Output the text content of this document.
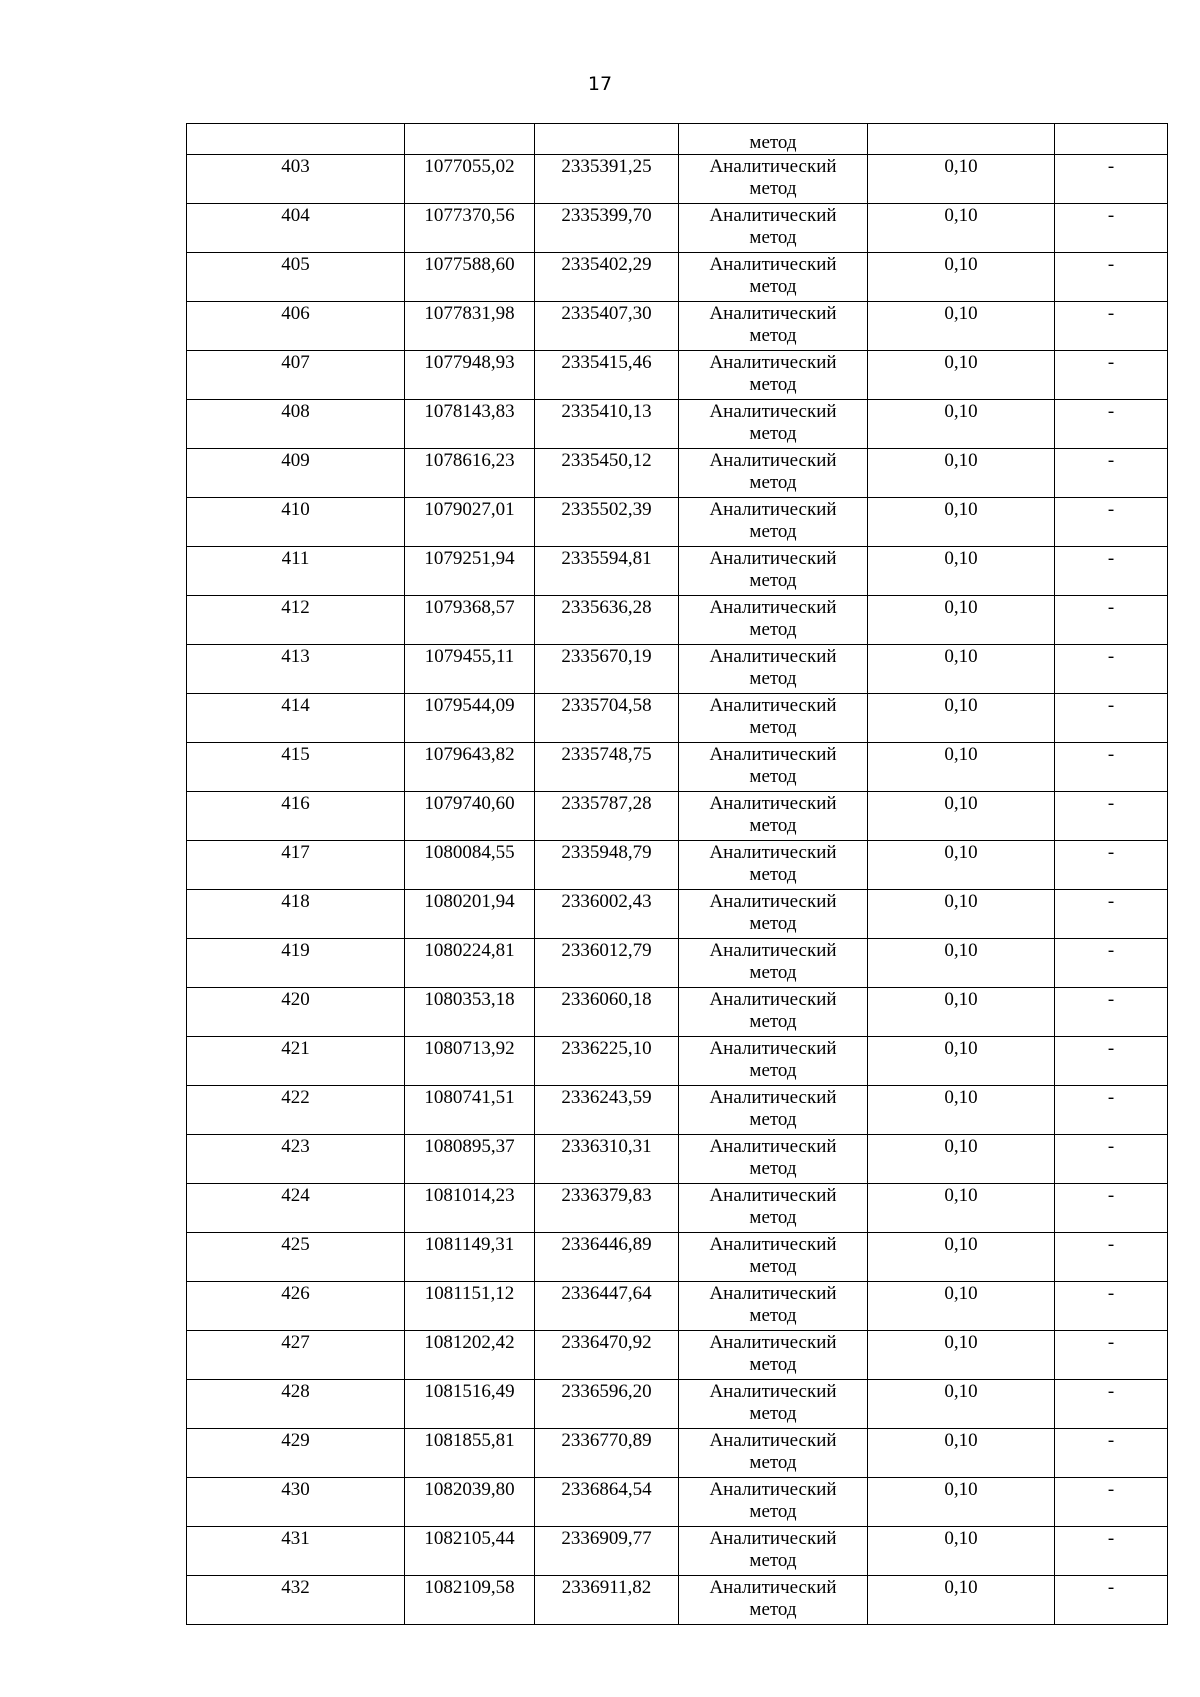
17
			метод		
403	1077055,02	2335391,25	Аналитический
метод	0,10	-
404	1077370,56	2335399,70	Аналитический
метод	0,10	-
405	1077588,60	2335402,29	Аналитический
метод	0,10	-
406	1077831,98	2335407,30	Аналитический
метод	0,10	-
407	1077948,93	2335415,46	Аналитический
метод	0,10	-
408	1078143,83	2335410,13	Аналитический
метод	0,10	-
409	1078616,23	2335450,12	Аналитический
метод	0,10	-
410	1079027,01	2335502,39	Аналитический
метод	0,10	-
411	1079251,94	2335594,81	Аналитический
метод	0,10	-
412	1079368,57	2335636,28	Аналитический
метод	0,10	-
413	1079455,11	2335670,19	Аналитический
метод	0,10	-
414	1079544,09	2335704,58	Аналитический
метод	0,10	-
415	1079643,82	2335748,75	Аналитический
метод	0,10	-
416	1079740,60	2335787,28	Аналитический
метод	0,10	-
417	1080084,55	2335948,79	Аналитический
метод	0,10	-
418	1080201,94	2336002,43	Аналитический
метод	0,10	-
419	1080224,81	2336012,79	Аналитический
метод	0,10	-
420	1080353,18	2336060,18	Аналитический
метод	0,10	-
421	1080713,92	2336225,10	Аналитический
метод	0,10	-
422	1080741,51	2336243,59	Аналитический
метод	0,10	-
423	1080895,37	2336310,31	Аналитический
метод	0,10	-
424	1081014,23	2336379,83	Аналитический
метод	0,10	-
425	1081149,31	2336446,89	Аналитический
метод	0,10	-
426	1081151,12	2336447,64	Аналитический
метод	0,10	-
427	1081202,42	2336470,92	Аналитический
метод	0,10	-
428	1081516,49	2336596,20	Аналитический
метод	0,10	-
429	1081855,81	2336770,89	Аналитический
метод	0,10	-
430	1082039,80	2336864,54	Аналитический
метод	0,10	-
431	1082105,44	2336909,77	Аналитический
метод	0,10	-
432	1082109,58	2336911,82	Аналитический
метод	0,10	-
